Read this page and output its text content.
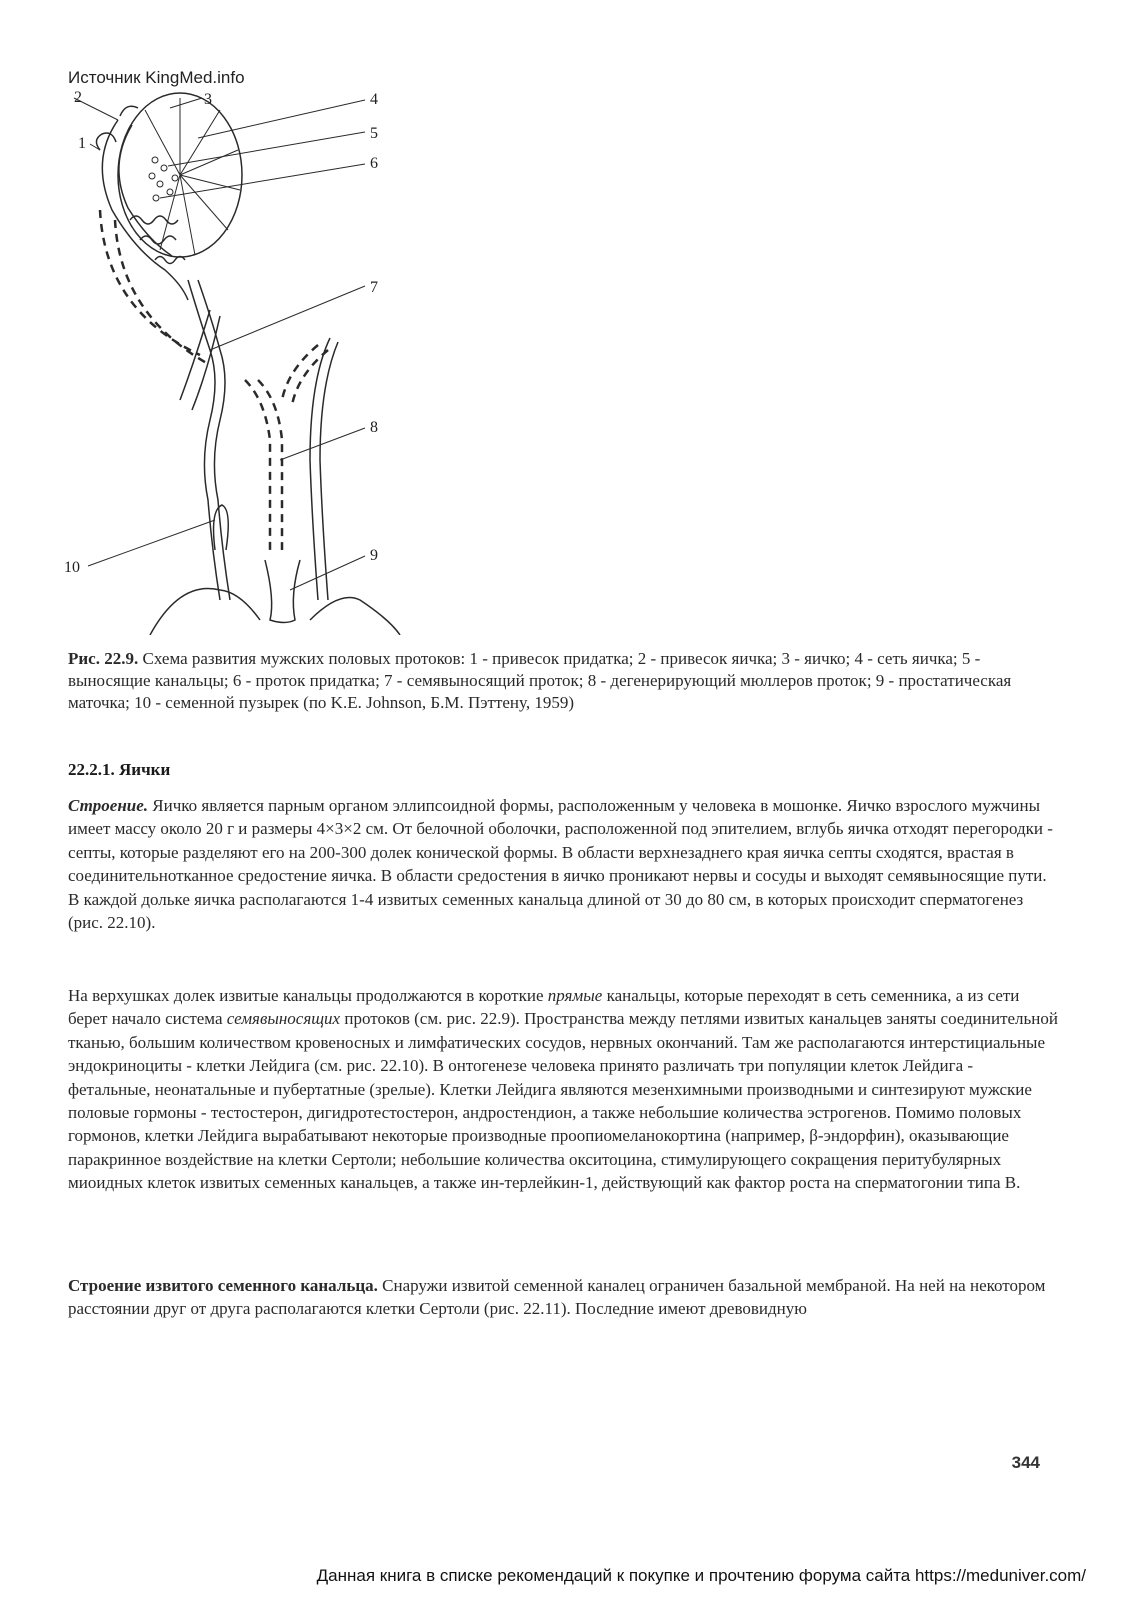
Источник KingMed.info
2	3	4
5
6
1
7
8
9
10
Рис. 22.9. Схема развития мужских половых протоков: 1 - привесок придатка; 2 - привесок яичка; 3 - яичко; 4 - сеть яичка; 5 - выносящие канальцы; 6 - проток придатка; 7 - семявыносящий проток; 8 - дегенерирующий мюллеров проток; 9 - простатическая маточка; 10 - семенной пузырек (по K.E. Johnson, Б.М. Пэттену, 1959)
22.2.1. Яички
Строение. Яичко является парным органом эллипсоидной формы, расположенным у человека в мошонке. Яичко взрослого мужчины имеет массу около 20 г и размеры 4×3×2 см. От белочной оболочки, расположенной под эпителием, вглубь яичка отходят перегородки - септы, которые разделяют его на 200-300 долек конической формы. В области верхнезаднего края яичка септы сходятся, врастая в соединительнотканное средостение яичка. В области средостения в яичко проникают нервы и сосуды и выходят семявыносящие пути. В каждой дольке яичка располагаются 1-4 извитых семенных канальца длиной от 30 до 80 см, в которых происходит сперматогенез (рис. 22.10).
На верхушках долек извитые канальцы продолжаются в короткие прямые канальцы, которые переходят в сеть семенника, а из сети берет начало система семявыносящих протоков (см. рис. 22.9). Пространства между петлями извитых канальцев заняты соединительной тканью, большим количеством кровеносных и лимфатических сосудов, нервных окончаний. Там же располагаются интерстициальные эндокриноциты - клетки Лейдига (см. рис. 22.10). В онтогенезе человека принято различать три популяции клеток Лейдига - фетальные, неонатальные и пубертатные (зрелые). Клетки Лейдига являются мезенхимными производными и синтезируют мужские половые гормоны - тестостерон, дигидротестостерон, андростендион, а также небольшие количества эстрогенов. Помимо половых гормонов, клетки Лейдига вырабатывают некоторые производные проопиомеланокортина (например, β-эндорфин), оказывающие паракринное воздействие на клетки Сертоли; небольшие количества окситоцина, стимулирующего сокращения перитубулярных миоидных клеток извитых семенных канальцев, а также ин-терлейкин-1, действующий как фактор роста на сперматогонии типа В.
Строение извитого семенного канальца. Снаружи извитой семенной каналец ограничен базальной мембраной. На ней на некотором расстоянии друг от друга располагаются клетки Сертоли (рис. 22.11). Последние имеют древовидную
344
Данная книга в списке рекомендаций к покупке и прочтению форума сайта https://meduniver.com/
